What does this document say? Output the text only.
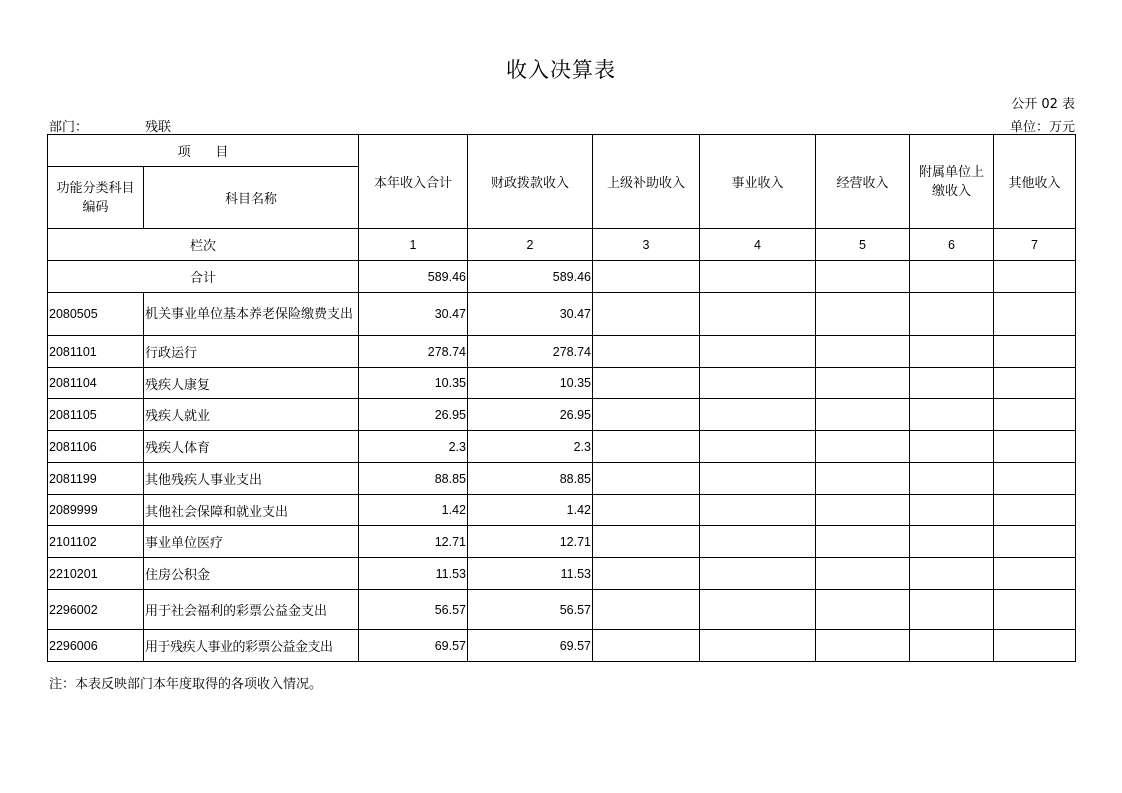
收入决算表
公开 02 表
部门：	残联	单位：万元
项      目		本年收入合计	财政拨款收入	上级补助收入	事业收入	经营收入	附属单位上缴收入	其他收入
功能分类科目编码	科目名称							
栏次		1	2	3	4	5	6	7
合计		589.46	589.46					
2080505	机关事业单位基本养老保险缴费支出	30.47	30.47					
2081101	行政运行	278.74	278.74					
2081104	残疾人康复	10.35	10.35					
2081105	残疾人就业	26.95	26.95					
2081106	残疾人体育	2.3	2.3					
2081199	其他残疾人事业支出	88.85	88.85					
2089999	其他社会保障和就业支出	1.42	1.42					
2101102	事业单位医疗	12.71	12.71					
2210201	住房公积金	11.53	11.53					
2296002	用于社会福利的彩票公益金支出	56.57	56.57					
2296006	用于残疾人事业的彩票公益金支出	69.57	69.57					
注：本表反映部门本年度取得的各项收入情况。
